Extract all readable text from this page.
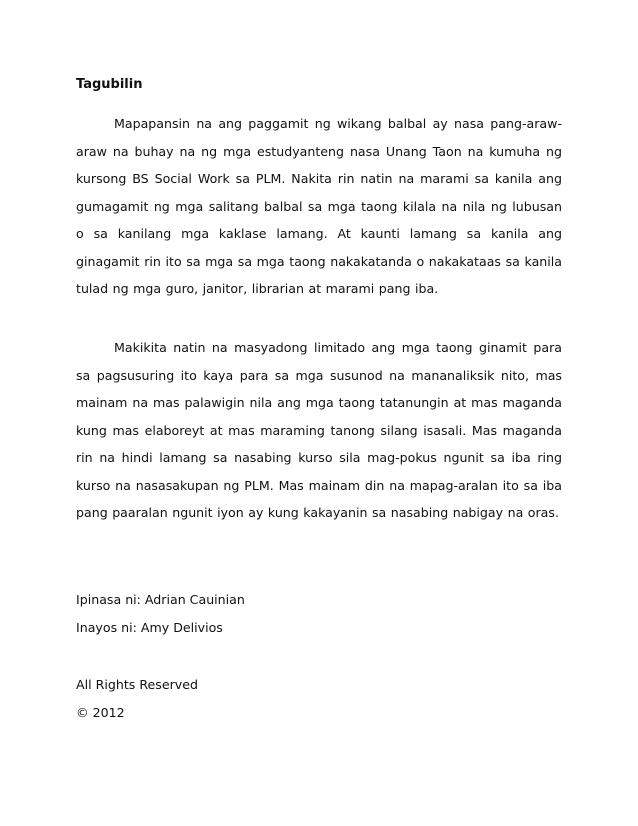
Tagubilin

Mapapansin na ang paggamit ng wikang balbal ay nasa pang-araw-araw na buhay na ng mga estudyanteng nasa Unang Taon na kumuha ng kursong BS Social Work sa PLM. Nakita rin natin na marami sa kanila ang gumagamit ng mga salitang balbal sa mga taong kilala na nila ng lubusan o sa kanilang mga kaklase lamang. At kaunti lamang sa kanila ang ginagamit rin ito sa mga sa mga taong nakakatanda o nakakataas sa kanila tulad ng mga guro, janitor, librarian at marami pang iba.

Makikita natin na masyadong limitado ang mga taong ginamit para sa pagsusuring ito kaya para sa mga susunod na mananaliksik nito, mas mainam na mas palawigin nila ang mga taong tatanungin at mas maganda kung mas elaboreyt at mas maraming tanong silang isasali. Mas maganda rin na hindi lamang sa nasabing kurso sila mag-pokus ngunit sa iba ring kurso na nasasakupan ng PLM. Mas mainam din na mapag-aralan ito sa iba pang paaralan ngunit iyon ay kung kakayanin sa nasabing nabigay na oras.

Ipinasa ni: Adrian Cauinian
Inayos ni: Amy Delivios
All Rights Reserved
© 2012
